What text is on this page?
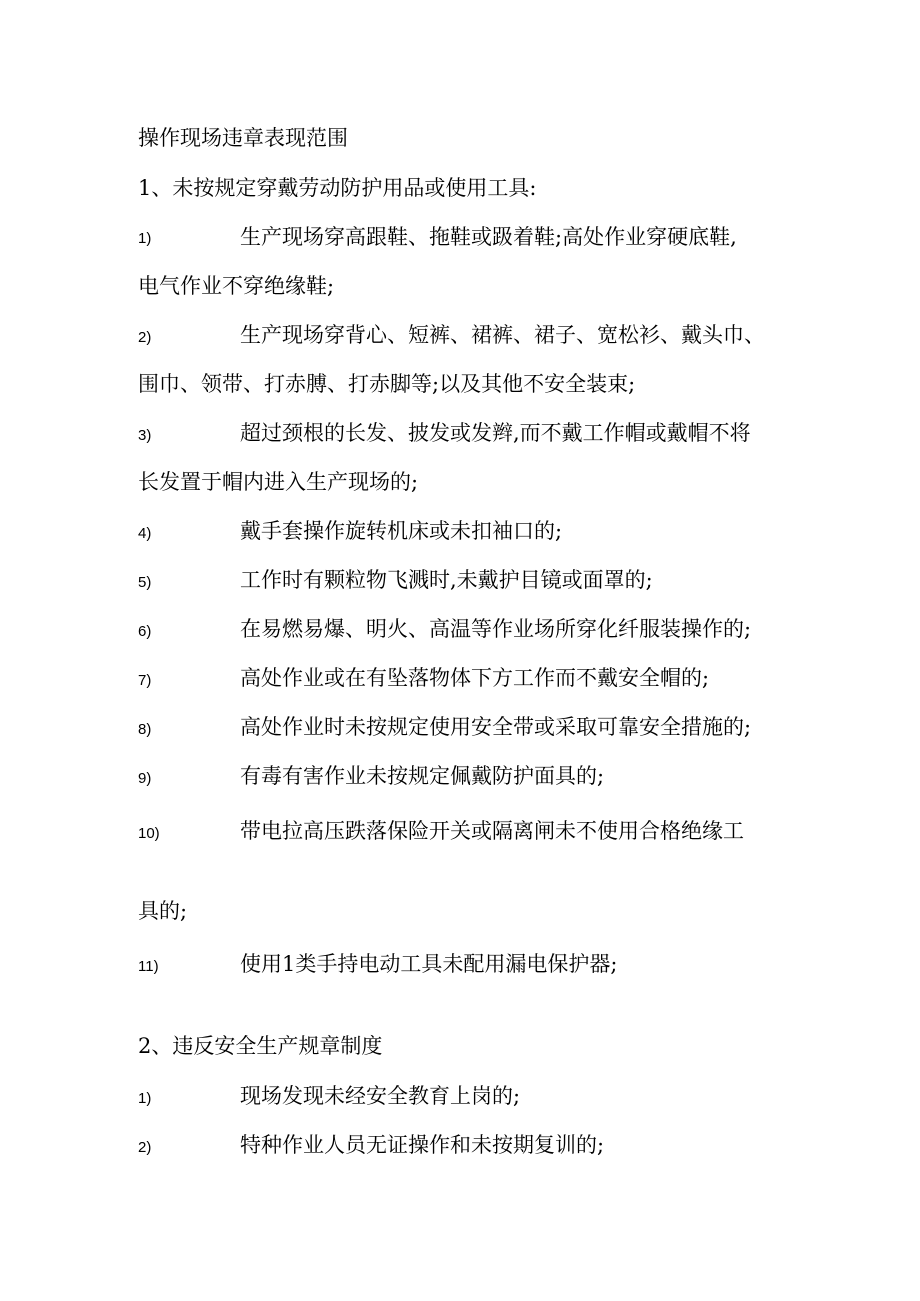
操作现场违章表现范围
1、未按规定穿戴劳动防护用品或使用工具:
1)	生产现场穿高跟鞋、拖鞋或趿着鞋;高处作业穿硬底鞋,
电气作业不穿绝缘鞋;
2)	生产现场穿背心、短裤、裙裤、裙子、宽松衫、戴头巾、
围巾、领带、打赤膊、打赤脚等;以及其他不安全装束;
3)	超过颈根的长发、披发或发辫,而不戴工作帽或戴帽不将
长发置于帽内进入生产现场的;
4)	戴手套操作旋转机床或未扣袖口的;
5)	工作时有颗粒物飞溅时,未戴护目镜或面罩的;
6)	在易燃易爆、明火、高温等作业场所穿化纤服装操作的;
7)	高处作业或在有坠落物体下方工作而不戴安全帽的;
8)	高处作业时未按规定使用安全带或采取可靠安全措施的;
9)	有毒有害作业未按规定佩戴防护面具的;
10)	带电拉高压跌落保险开关或隔离闸未不使用合格绝缘工
具的;
11)	使用1类手持电动工具未配用漏电保护器;
2、违反安全生产规章制度
1)	现场发现未经安全教育上岗的;
2)	特种作业人员无证操作和未按期复训的;
